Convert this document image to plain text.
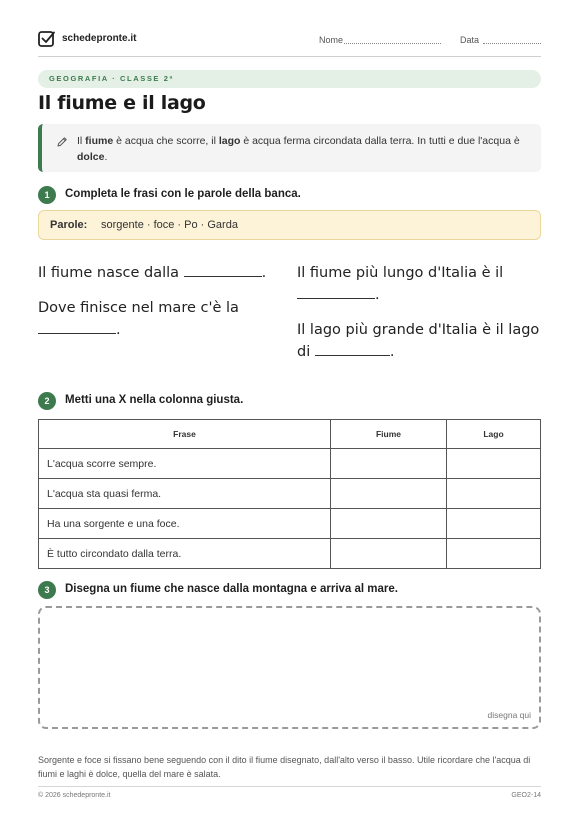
schedepronte.it	Nome	Data
GEOGRAFIA · CLASSE 2ª
Il fiume e il lago
Il fiume è acqua che scorre, il lago è acqua ferma circondata dalla terra. In tutti e due l'acqua è dolce.
1	Completa le frasi con le parole della banca.
Parole: sorgente · foce · Po · Garda
Il fiume nasce dalla	.
Dove finisce nel mare c'è la .
Il fiume più lungo d'Italia è il .
Il lago più grande d'Italia è il lago di	.
2	Metti una X nella colonna giusta.
Frase	Fiume	Lago
L'acqua scorre sempre.		
L'acqua sta quasi ferma.		
Ha una sorgente e una foce.		
È tutto circondato dalla terra.		
3	Disegna un fiume che nasce dalla montagna e arriva al mare.
disegna qui
Sorgente e foce si fissano bene seguendo con il dito il fiume disegnato, dall'alto verso il basso. Utile ricordare che l'acqua di fiumi e laghi è dolce, quella del mare è salata.
© 2026 schedepronte.it	GEO2-14
